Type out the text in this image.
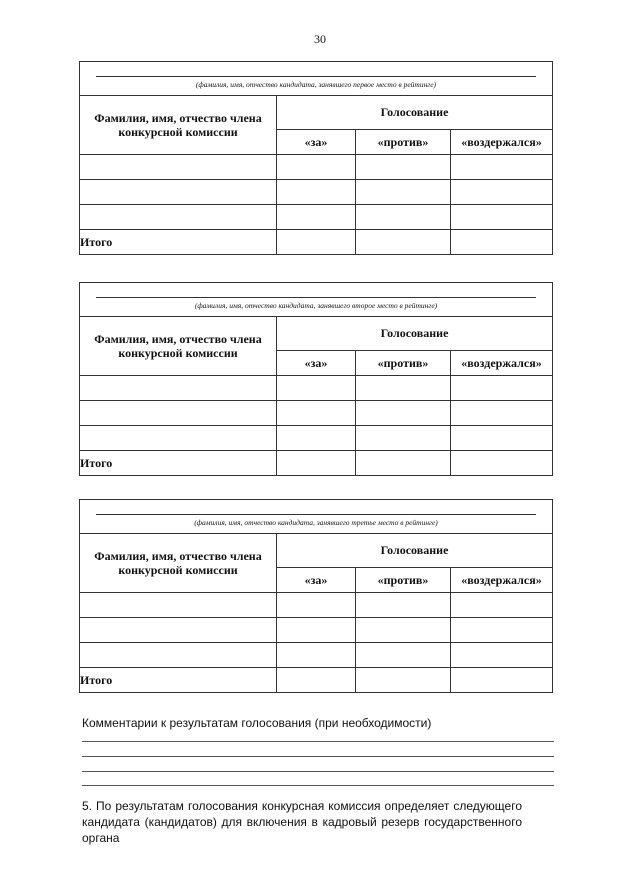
30
(фамилия, имя, отчество кандидата, занявшего первое место в рейтинге)			

Фамилия, имя, отчество члена конкурсной комиссии	Голосование		
	«за»	«против»	«воздержался»

Итого			
(фамилия, имя, отчество кандидата, занявшего второе место в рейтинге)			

Фамилия, имя, отчество члена конкурсной комиссии	Голосование		
	«за»	«против»	«воздержался»

Итого			
(фамилия, имя, отчество кандидата, занявшего третье место в рейтинге)			

Фамилия, имя, отчество члена конкурсной комиссии	Голосование		
	«за»	«против»	«воздержался»

Итого			
Комментарии к результатам голосования (при необходимости)
5. По результатам голосования конкурсная комиссия определяет следующего
кандидата (кандидатов) для включения в кадровый резерв государственного
органа
